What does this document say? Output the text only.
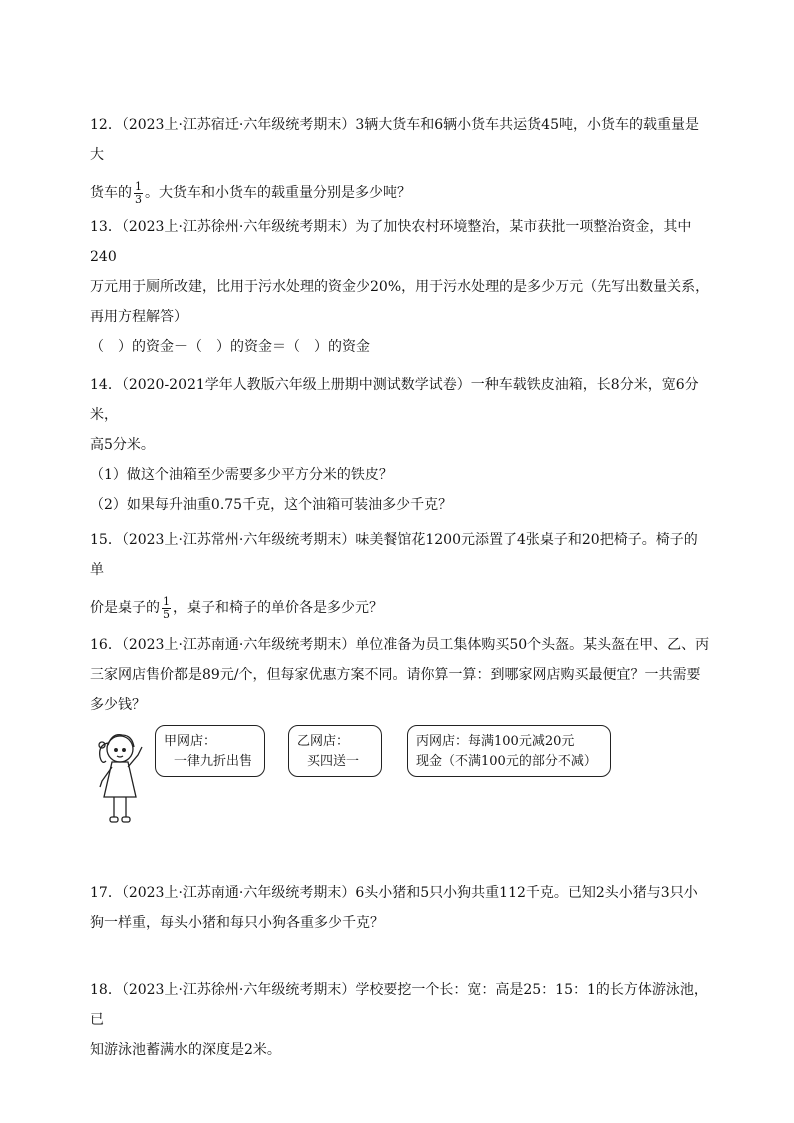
12．（2023上·江苏宿迁·六年级统考期末）3辆大货车和6辆小货车共运货45吨，小货车的载重量是大
货车的 $\frac{1}{3}$ 。大货车和小货车的载重量分别是多少吨？
13．（2023上·江苏徐州·六年级统考期末）为了加快农村环境整治，某市获批一项整治资金，其中240
万元用于厕所改建，比用于污水处理的资金少20%，用于污水处理的是多少万元（先写出数量关系，
再用方程解答）
（　）的资金－（　）的资金＝（　）的资金
14．（2020-2021学年人教版六年级上册期中测试数学试卷）一种车载铁皮油箱，长8分米，宽6分米，
高5分米。
（1）做这个油箱至少需要多少平方分米的铁皮？
（2）如果每升油重0.75千克，这个油箱可装油多少千克？
15．（2023上·江苏常州·六年级统考期末）味美餐馆花1200元添置了4张桌子和20把椅子。椅子的单
价是桌子的 $\frac{1}{5}$ ，桌子和椅子的单价各是多少元？
16．（2023上·江苏南通·六年级统考期末）单位准备为员工集体购买50个头盔。某头盔在甲、乙、丙
三家网店售价都是89元/个，但每家优惠方案不同。请你算一算：到哪家网店购买最便宜？一共需要
多少钱？
甲网店：
一律九折出售
乙网店：
买四送一
丙网店：每满100元减20元
现金（不满100元的部分不减）
17．（2023上·江苏南通·六年级统考期末）6头小猪和5只小狗共重112千克。已知2头小猪与3只小
狗一样重，每头小猪和每只小狗各重多少千克？
18．（2023上·江苏徐州·六年级统考期末）学校要挖一个长：宽：高是25：15：1的长方体游泳池，已
知游泳池蓄满水的深度是2米。
